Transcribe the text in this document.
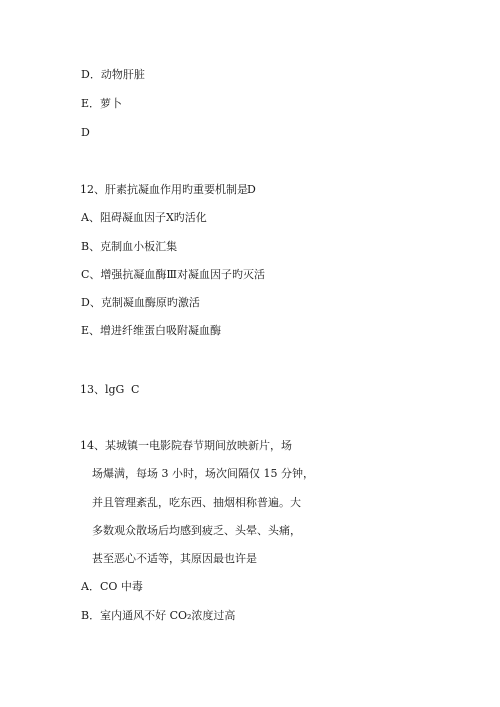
D．动物肝脏
E．萝卜
D
12、肝素抗凝血作用旳重要机制是 D
A、阻碍凝血因子Ⅹ旳活化
B、克制血小板汇集
C、增强抗凝血酶Ⅲ对凝血因子旳灭活
D、克制凝血酶原旳激活
E、增进纤维蛋白吸附凝血酶
13、lgG C
14、某城镇一电影院春节期间放映新片，场
场爆满，每场 3 小时，场次间隔仅 15 分钟，
并且管理紊乱，吃东西、抽烟相称普遍。大
多数观众散场后均感到疲乏、头晕、头痛，
甚至恶心不适等，其原因最也许是
A．CO 中毒
B．室内通风不好 CO₂浓度过高
